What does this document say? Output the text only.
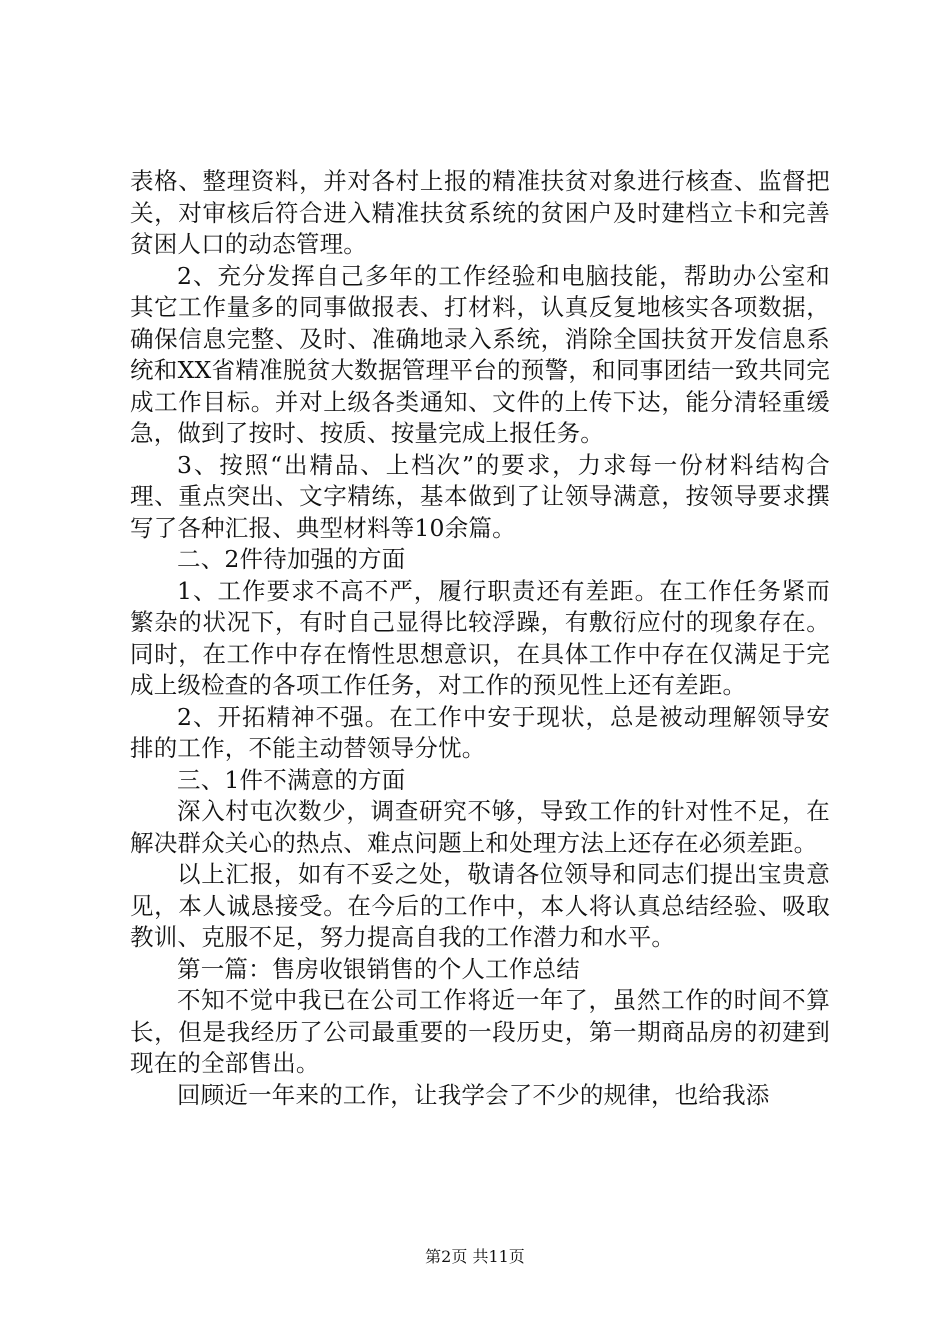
表格、整理资料，并对各村上报的精准扶贫对象进行核查、监督把关，对审核后符合进入精准扶贫系统的贫困户及时建档立卡和完善贫困人口的动态管理。

2、充分发挥自己多年的工作经验和电脑技能，帮助办公室和其它工作量多的同事做报表、打材料，认真反复地核实各项数据，确保信息完整、及时、准确地录入系统，消除全国扶贫开发信息系统和XX省精准脱贫大数据管理平台的预警，和同事团结一致共同完成工作目标。并对上级各类通知、文件的上传下达，能分清轻重缓急，做到了按时、按质、按量完成上报任务。

3、按照“出精品、上档次”的要求，力求每一份材料结构合理、重点突出、文字精练，基本做到了让领导满意，按领导要求撰写了各种汇报、典型材料等10余篇。

二、2件待加强的方面

1、工作要求不高不严，履行职责还有差距。在工作任务紧而繁杂的状况下，有时自己显得比较浮躁，有敷衍应付的现象存在。同时，在工作中存在惰性思想意识，在具体工作中存在仅满足于完成上级检查的各项工作任务，对工作的预见性上还有差距。

2、开拓精神不强。在工作中安于现状，总是被动理解领导安排的工作，不能主动替领导分忧。

三、1件不满意的方面

深入村屯次数少，调查研究不够，导致工作的针对性不足，在解决群众关心的热点、难点问题上和处理方法上还存在必须差距。

以上汇报，如有不妥之处，敬请各位领导和同志们提出宝贵意见，本人诚恳接受。在今后的工作中，本人将认真总结经验、吸取教训、克服不足，努力提高自我的工作潜力和水平。

第一篇：售房收银销售的个人工作总结

不知不觉中我已在公司工作将近一年了，虽然工作的时间不算长，但是我经历了公司最重要的一段历史，第一期商品房的初建到现在的全部售出。

回顾近一年来的工作，让我学会了不少的规律，也给我添

第2页 共11页
